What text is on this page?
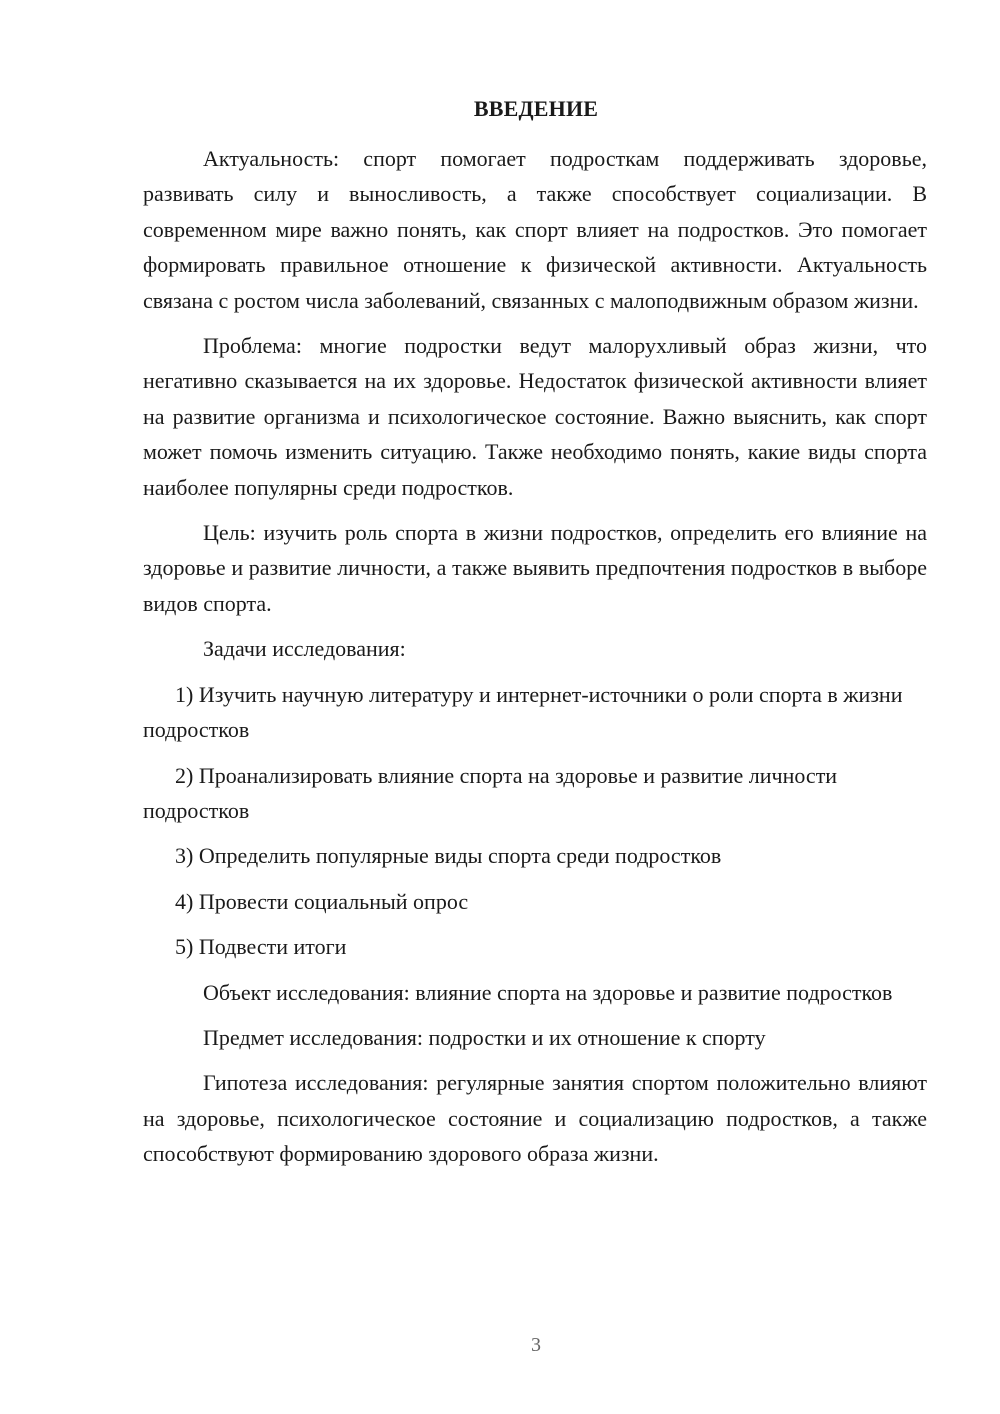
ВВЕДЕНИЕ

Актуальность: спорт помогает подросткам поддерживать здоровье, развивать силу и выносливость, а также способствует социализации. В современном мире важно понять, как спорт влияет на подростков. Это помогает формировать правильное отношение к физической активности. Актуальность связана с ростом числа заболеваний, связанных с малоподвижным образом жизни.

Проблема: многие подростки ведут малорухливый образ жизни, что негативно сказывается на их здоровье. Недостаток физической активности влияет на развитие организма и психологическое состояние. Важно выяснить, как спорт может помочь изменить ситуацию. Также необходимо понять, какие виды спорта наиболее популярны среди подростков.

Цель: изучить роль спорта в жизни подростков, определить его влияние на здоровье и развитие личности, а также выявить предпочтения подростков в выборе видов спорта.

Задачи исследования:

1) Изучить научную литературу и интернет-источники о роли спорта в жизни подростков

2) Проанализировать влияние спорта на здоровье и развитие личности подростков

3) Определить популярные виды спорта среди подростков

4) Провести социальный опрос

5) Подвести итоги

Объект исследования: влияние спорта на здоровье и развитие подростков

Предмет исследования: подростки и их отношение к спорту

Гипотеза исследования: регулярные занятия спортом положительно влияют на здоровье, психологическое состояние и социализацию подростков, а также способствуют формированию здорового образа жизни.

3
